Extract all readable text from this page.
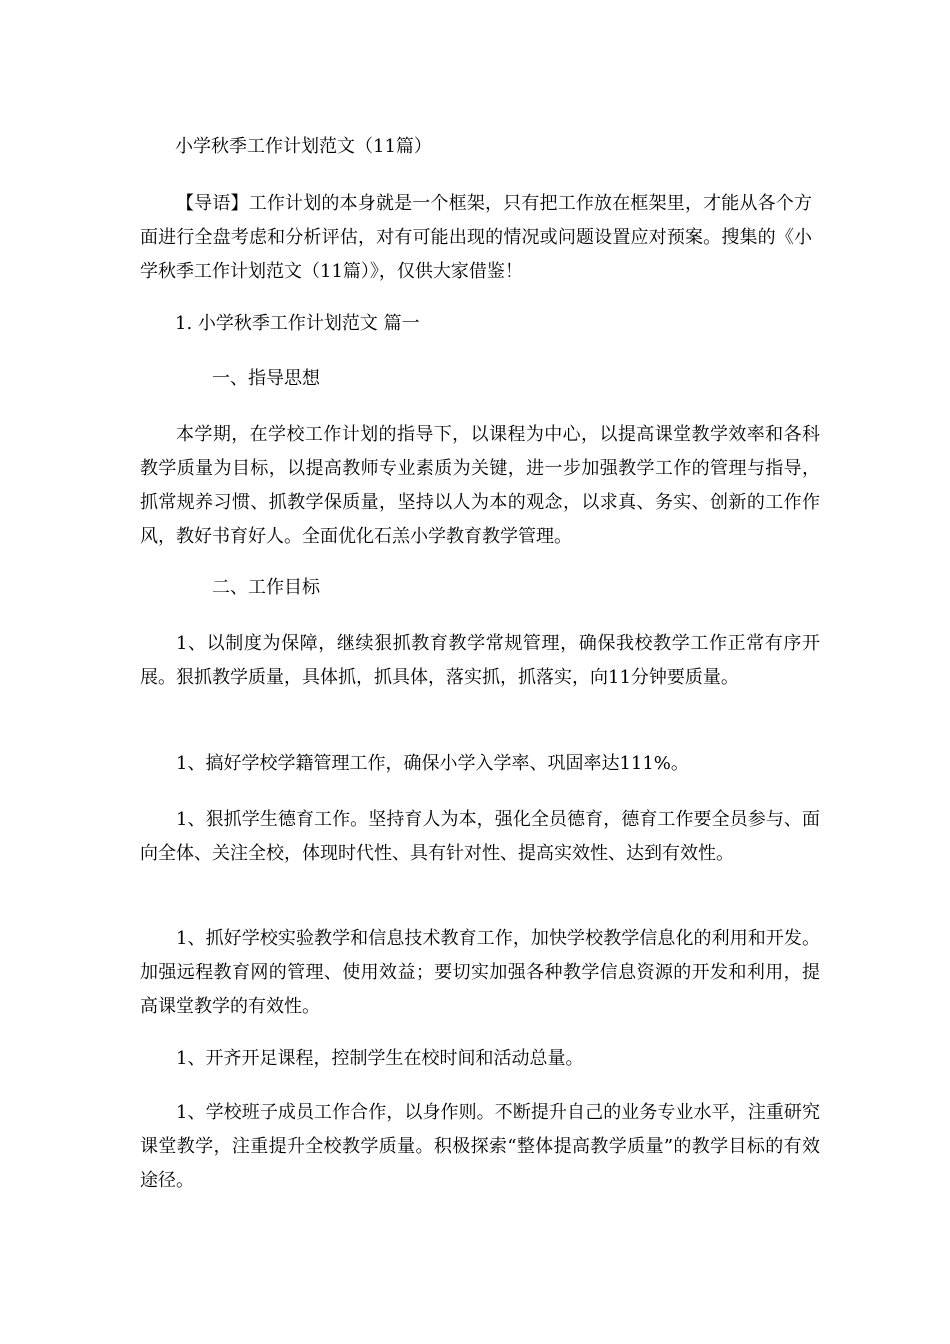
小学秋季工作计划范文（11篇）

【导语】工作计划的本身就是一个框架，只有把工作放在框架里，才能从各个方面进行全盘考虑和分析评估，对有可能出现的情况或问题设置应对预案。搜集的《小学秋季工作计划范文（11篇）》，仅供大家借鉴！

1. 小学秋季工作计划范文 篇一

一、指导思想

本学期，在学校工作计划的指导下，以课程为中心，以提高课堂教学效率和各科教学质量为目标，以提高教师专业素质为关键，进一步加强教学工作的管理与指导，抓常规养习惯、抓教学保质量，坚持以人为本的观念，以求真、务实、创新的工作作风，教好书育好人。全面优化石羔小学教育教学管理。

二、工作目标

1、以制度为保障，继续狠抓教育教学常规管理，确保我校教学工作正常有序开展。狠抓教学质量，具体抓，抓具体，落实抓，抓落实，向11分钟要质量。

1、搞好学校学籍管理工作，确保小学入学率、巩固率达111%。

1、狠抓学生德育工作。坚持育人为本，强化全员德育，德育工作要全员参与、面向全体、关注全校，体现时代性、具有针对性、提高实效性、达到有效性。

1、抓好学校实验教学和信息技术教育工作，加快学校教学信息化的利用和开发。加强远程教育网的管理、使用效益；要切实加强各种教学信息资源的开发和利用，提高课堂教学的有效性。

1、开齐开足课程，控制学生在校时间和活动总量。

1、学校班子成员工作合作，以身作则。不断提升自己的业务专业水平，注重研究课堂教学，注重提升全校教学质量。积极探索“整体提高教学质量”的教学目标的有效途径。
